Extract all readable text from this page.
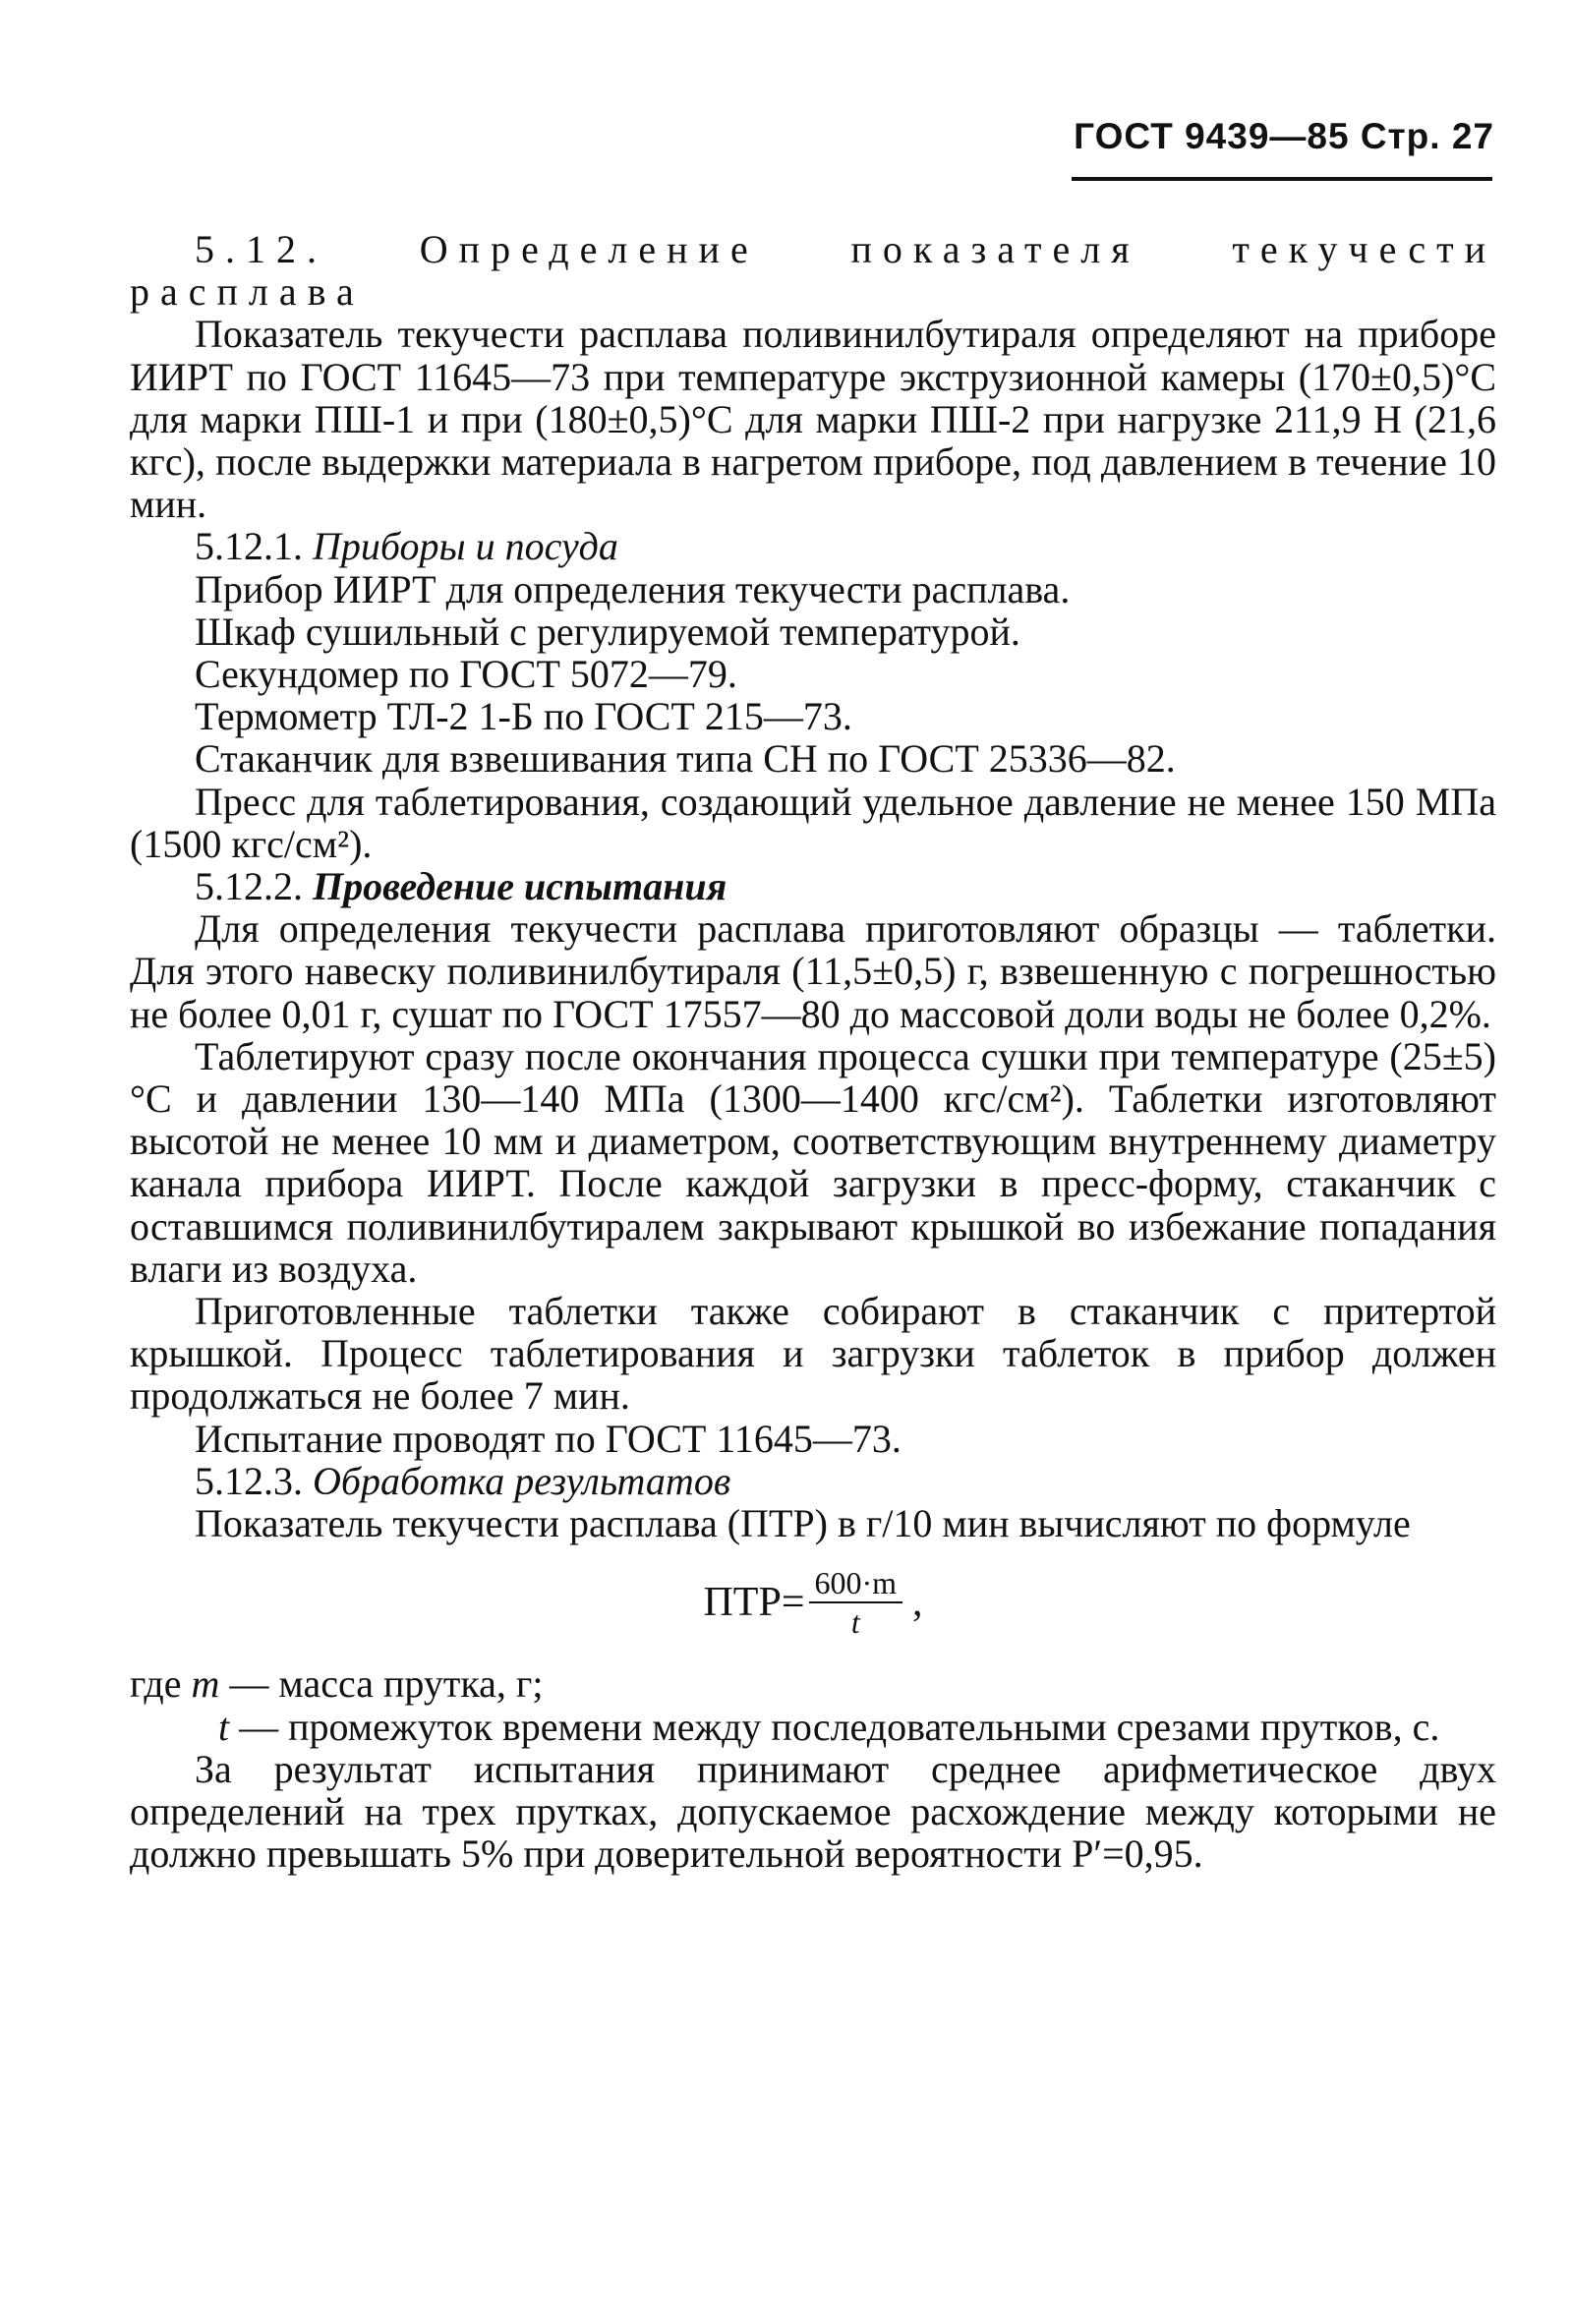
ГОСТ 9439—85 Стр. 27
5.12. Определение показателя текучести расплава
Показатель текучести расплава поливинилбутираля определяют на приборе ИИРТ по ГОСТ 11645—73 при температуре экструзионной камеры (170±0,5)°С для марки ПШ-1 и при (180±0,5)°С для марки ПШ-2 при нагрузке 211,9 Н (21,6 кгс), после выдержки материала в нагретом приборе, под давлением в течение 10 мин.
5.12.1. Приборы и посуда
Прибор ИИРТ для определения текучести расплава.
Шкаф сушильный с регулируемой температурой.
Секундомер по ГОСТ 5072—79.
Термометр ТЛ-2 1-Б по ГОСТ 215—73.
Стаканчик для взвешивания типа СН по ГОСТ 25336—82.
Пресс для таблетирования, создающий удельное давление не менее 150 МПа (1500 кгс/см²).
5.12.2. Проведение испытания
Для определения текучести расплава приготовляют образцы — таблетки. Для этого навеску поливинилбутираля (11,5±0,5) г, взвешенную с погрешностью не более 0,01 г, сушат по ГОСТ 17557—80 до массовой доли воды не более 0,2%.
Таблетируют сразу после окончания процесса сушки при температуре (25±5)°С и давлении 130—140 МПа (1300—1400 кгс/см²). Таблетки изготовляют высотой не менее 10 мм и диаметром, соответствующим внутреннему диаметру канала прибора ИИРТ. После каждой загрузки в пресс-форму, стаканчик с оставшимся поливинилбутиралем закрывают крышкой во избежание попадания влаги из воздуха.
Приготовленные таблетки также собирают в стаканчик с притертой крышкой. Процесс таблетирования и загрузки таблеток в прибор должен продолжаться не более 7 мин.
Испытание проводят по ГОСТ 11645—73.
5.12.3. Обработка результатов
Показатель текучести расплава (ПТР) в г/10 мин вычисляют по формуле
ПТР = $\frac{600\cdot m}{t}$ ,
где
m
— масса прутка, г;
t — промежуток времени между последовательными срезами прутков, с.
За результат испытания принимают среднее арифметическое двух определений на трех прутках, допускаемое расхождение между которыми не должно превышать 5% при доверительной вероятности Р′=0,95.
